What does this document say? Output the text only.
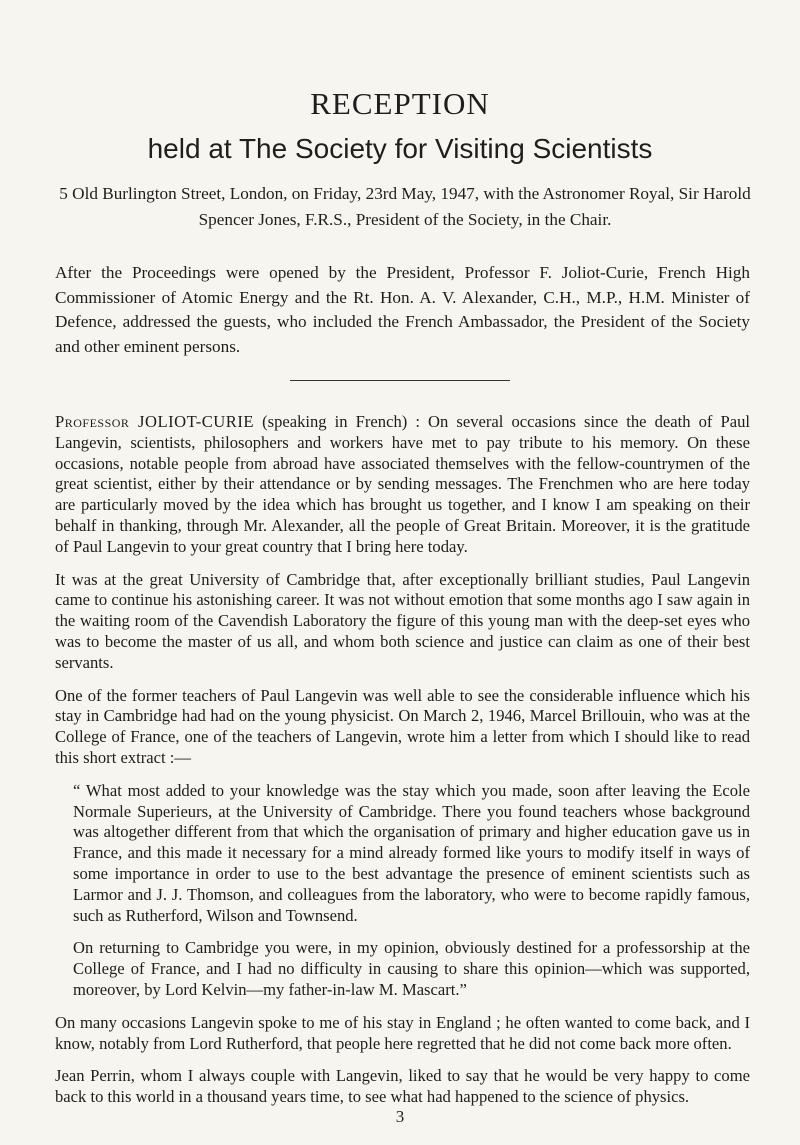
RECEPTION
held at The Society for Visiting Scientists

5 Old Burlington Street, London, on Friday, 23rd May, 1947, with the Astronomer Royal, Sir Harold Spencer Jones, F.R.S., President of the Society, in the Chair.

After the Proceedings were opened by the President, Professor F. Joliot-Curie, French High Commissioner of Atomic Energy and the Rt. Hon. A. V. Alexander, C.H., M.P., H.M. Minister of Defence, addressed the guests, who included the French Ambassador, the President of the Society and other eminent persons.

Professor JOLIOT-CURIE (speaking in French) : On several occasions since the death of Paul Langevin, scientists, philosophers and workers have met to pay tribute to his memory. On these occasions, notable people from abroad have associated themselves with the fellow-countrymen of the great scientist, either by their attendance or by sending messages. The Frenchmen who are here today are particularly moved by the idea which has brought us together, and I know I am speaking on their behalf in thanking, through Mr. Alexander, all the people of Great Britain. Moreover, it is the gratitude of Paul Langevin to your great country that I bring here today.

It was at the great University of Cambridge that, after exceptionally brilliant studies, Paul Langevin came to continue his astonishing career. It was not without emotion that some months ago I saw again in the waiting room of the Cavendish Laboratory the figure of this young man with the deep-set eyes who was to become the master of us all, and whom both science and justice can claim as one of their best servants.

One of the former teachers of Paul Langevin was well able to see the considerable influence which his stay in Cambridge had had on the young physicist. On March 2, 1946, Marcel Brillouin, who was at the College of France, one of the teachers of Langevin, wrote him a letter from which I should like to read this short extract :—

“ What most added to your knowledge was the stay which you made, soon after leaving the Ecole Normale Superieurs, at the University of Cambridge. There you found teachers whose background was altogether different from that which the organisation of primary and higher education gave us in France, and this made it necessary for a mind already formed like yours to modify itself in ways of some importance in order to use to the best advantage the presence of eminent scientists such as Larmor and J. J. Thomson, and colleagues from the laboratory, who were to become rapidly famous, such as Rutherford, Wilson and Townsend.

On returning to Cambridge you were, in my opinion, obviously destined for a professorship at the College of France, and I had no difficulty in causing to share this opinion—which was supported, moreover, by Lord Kelvin—my father-in-law M. Mascart.”

On many occasions Langevin spoke to me of his stay in England ; he often wanted to come back, and I know, notably from Lord Rutherford, that people here regretted that he did not come back more often.

Jean Perrin, whom I always couple with Langevin, liked to say that he would be very happy to come back to this world in a thousand years time, to see what had happened to the science of physics.

3
